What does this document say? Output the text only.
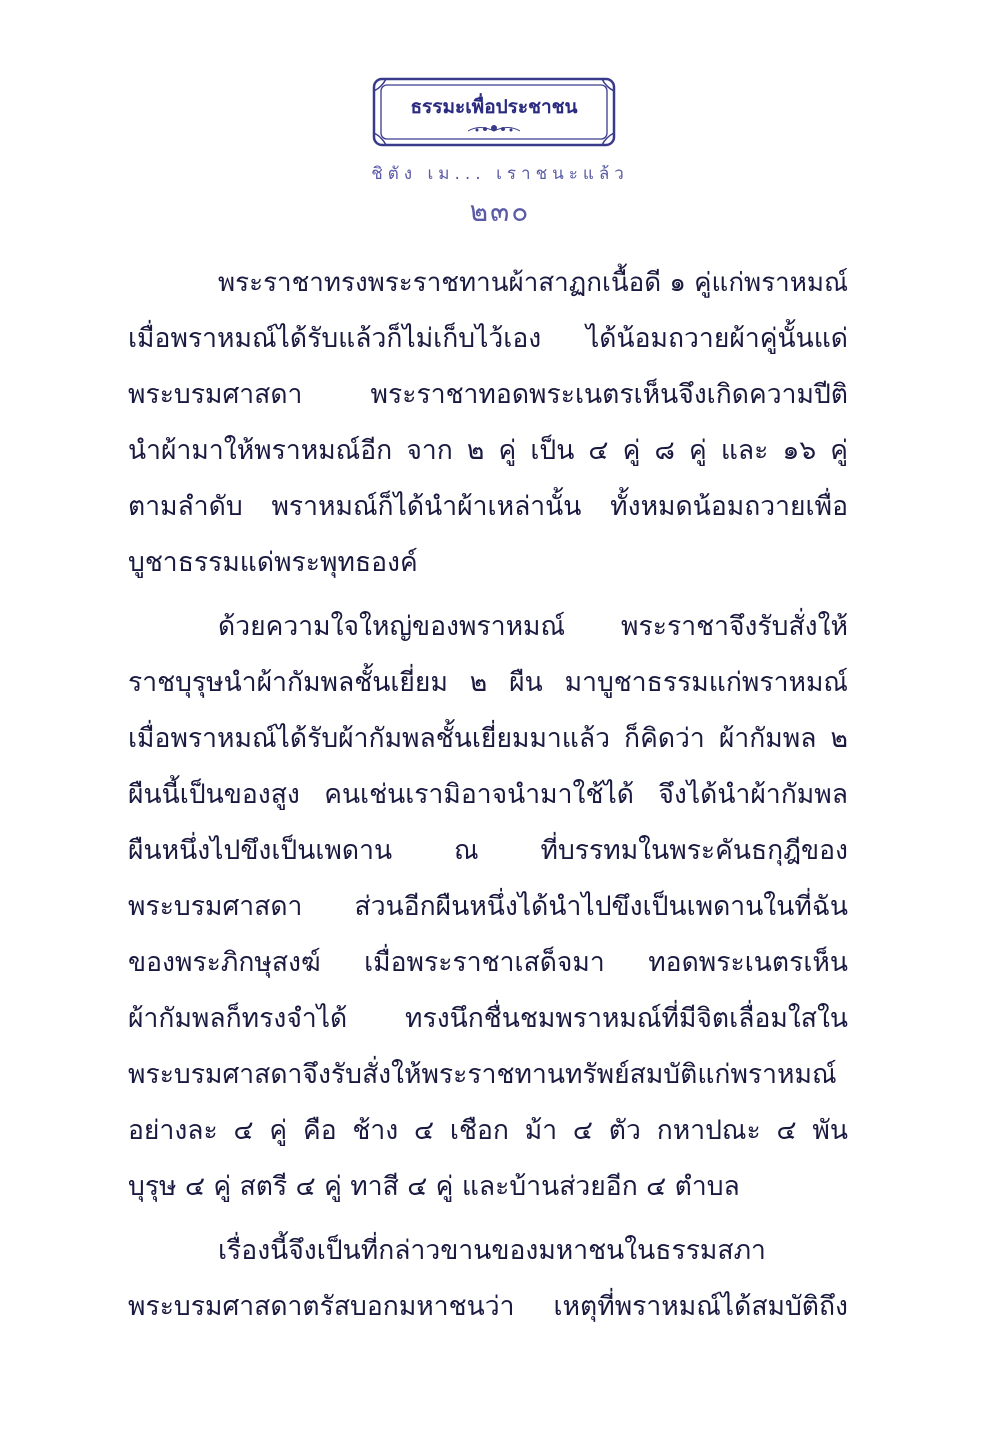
ธรรมะเพื่อประชาชน
ชิตัง เม... เราชนะแล้ว
๒๓๐
พระราชาทรงพระราชทานผ้าสาฏกเนื้อดี ๑ คู่แก่พราหมณ์
เมื่อพราหมณ์ได้รับแล้วก็ไม่เก็บไว้เอง ได้น้อมถวายผ้าคู่นั้นแด่
พระบรมศาสดา พระราชาทอดพระเนตรเห็นจึงเกิดความปีติ
นำผ้ามาให้พราหมณ์อีก จาก ๒ คู่ เป็น ๔ คู่ ๘ คู่ และ ๑๖ คู่
ตามลำดับ พราหมณ์ก็ได้นำผ้าเหล่านั้น ทั้งหมดน้อมถวายเพื่อ
บูชาธรรมแด่พระพุทธองค์
ด้วยความใจใหญ่ของพราหมณ์ พระราชาจึงรับสั่งให้
ราชบุรุษนำผ้ากัมพลชั้นเยี่ยม ๒ ผืน มาบูชาธรรมแก่พราหมณ์
เมื่อพราหมณ์ได้รับผ้ากัมพลชั้นเยี่ยมมาแล้ว ก็คิดว่า ผ้ากัมพล ๒
ผืนนี้เป็นของสูง คนเช่นเรามิอาจนำมาใช้ได้ จึงได้นำผ้ากัมพล
ผืนหนึ่งไปขึงเป็นเพดาน ณ ที่บรรทมในพระคันธกุฎีของ
พระบรมศาสดา ส่วนอีกผืนหนึ่งได้นำไปขึงเป็นเพดานในที่ฉัน
ของพระภิกษุสงฆ์ เมื่อพระราชาเสด็จมา ทอดพระเนตรเห็น
ผ้ากัมพลก็ทรงจำได้ ทรงนึกชื่นชมพราหมณ์ที่มีจิตเลื่อมใสใน
พระบรมศาสดาจึงรับสั่งให้พระราชทานทรัพย์สมบัติแก่พราหมณ์
อย่างละ ๔ คู่ คือ ช้าง ๔ เชือก ม้า ๔ ตัว กหาปณะ ๔ พัน
บุรุษ ๔ คู่ สตรี ๔ คู่ ทาสี ๔ คู่ และบ้านส่วยอีก ๔ ตำบล
เรื่องนี้จึงเป็นที่กล่าวขานของมหาชนในธรรมสภา
พระบรมศาสดาตรัสบอกมหาชนว่า เหตุที่พราหมณ์ได้สมบัติถึง
